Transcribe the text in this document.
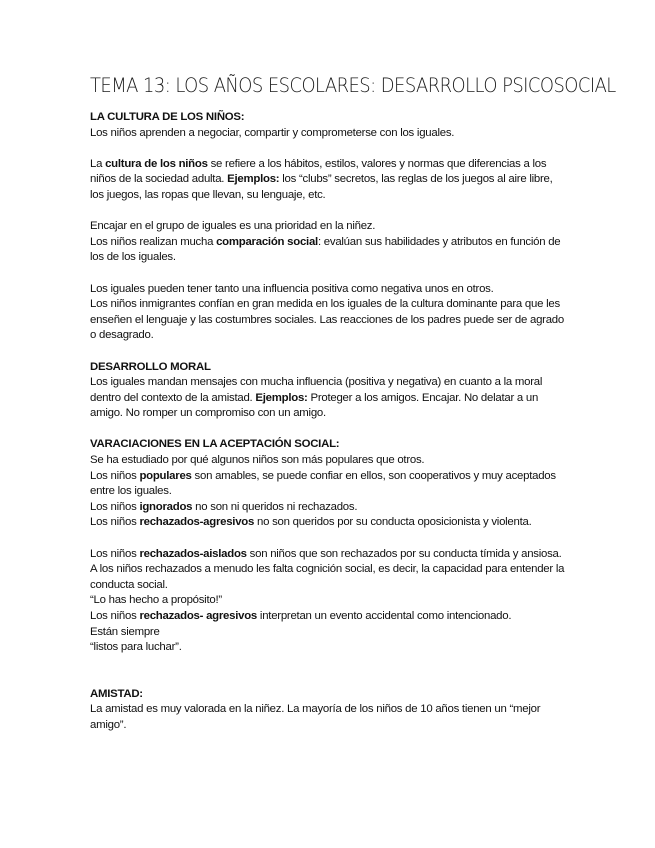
TEMA 13: LOS AÑOS ESCOLARES: DESARROLLO PSICOSOCIAL

LA CULTURA DE LOS NIÑOS:

Los niños aprenden a negociar, compartir y comprometerse con los iguales.

La cultura de los niños se refiere a los hábitos, estilos, valores y normas que diferencias a los niños de la sociedad adulta. Ejemplos: los “clubs” secretos, las reglas de los juegos al aire libre, los juegos, las ropas que llevan, su lenguaje, etc.

Encajar en el grupo de iguales es una prioridad en la niñez.

Los niños realizan mucha comparación social: evalúan sus habilidades y atributos en función de los de los iguales.

Los iguales pueden tener tanto una influencia positiva como negativa unos en otros.

Los niños inmigrantes confían en gran medida en los iguales de la cultura dominante para que les enseñen el lenguaje y las costumbres sociales. Las reacciones de los padres puede ser de agrado o desagrado.

DESARROLLO MORAL

Los iguales mandan mensajes con mucha influencia (positiva y negativa) en cuanto a la moral dentro del contexto de la amistad. Ejemplos: Proteger a los amigos. Encajar. No delatar a un amigo. No romper un compromiso con un amigo.

VARACIACIONES EN LA ACEPTACIÓN SOCIAL:

Se ha estudiado por qué algunos niños son más populares que otros.

Los niños populares son amables, se puede confiar en ellos, son cooperativos y muy aceptados entre los iguales.

Los niños ignorados no son ni queridos ni rechazados.

Los niños rechazados-agresivos no son queridos por su conducta oposicionista y violenta.

Los niños rechazados-aislados son niños que son rechazados por su conducta tímida y ansiosa.

A los niños rechazados a menudo les falta cognición social, es decir, la capacidad para entender la conducta social.

“Lo has hecho a propósito!”

Los niños rechazados- agresivos interpretan un evento accidental como intencionado.

Están siempre

“listos para luchar”.

AMISTAD:

La amistad es muy valorada en la niñez. La mayoría de los niños de 10 años tienen un “mejor amigo”.
